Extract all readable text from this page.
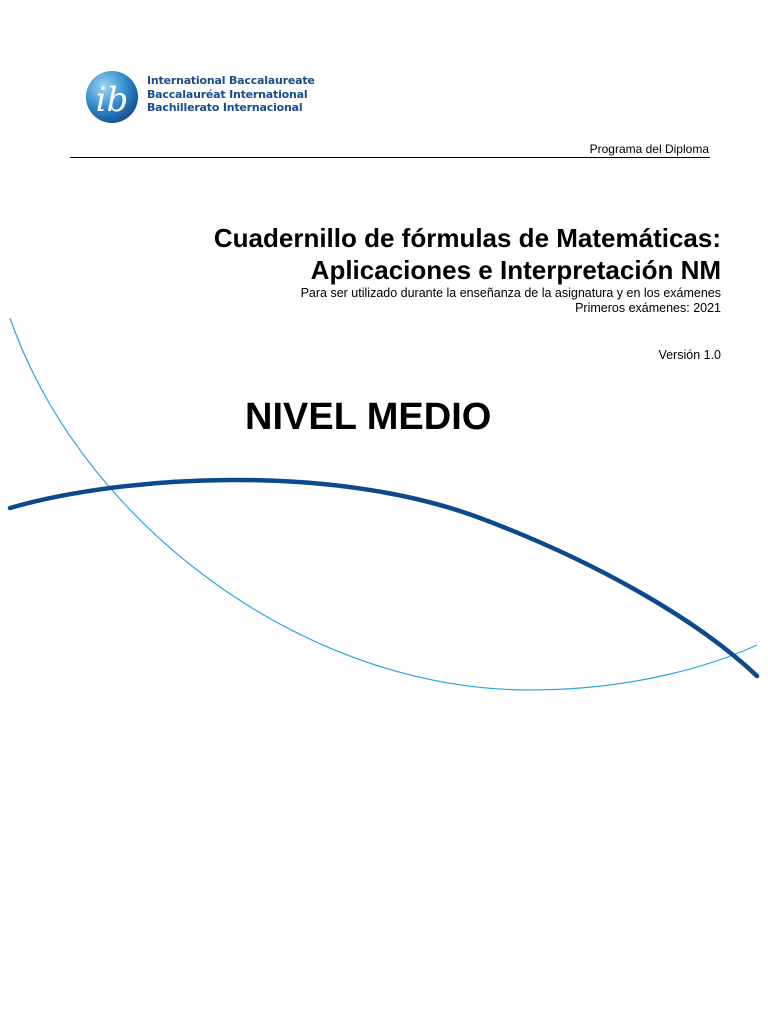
ib International Baccalaureate
Baccalauréat International
Bachillerato Internacional
Programa del Diploma
Cuadernillo de fórmulas de Matemáticas:
Aplicaciones e Interpretación NM
Para ser utilizado durante la enseñanza de la asignatura y en los exámenes
Primeros exámenes: 2021
Versión 1.0
NIVEL MEDIO
